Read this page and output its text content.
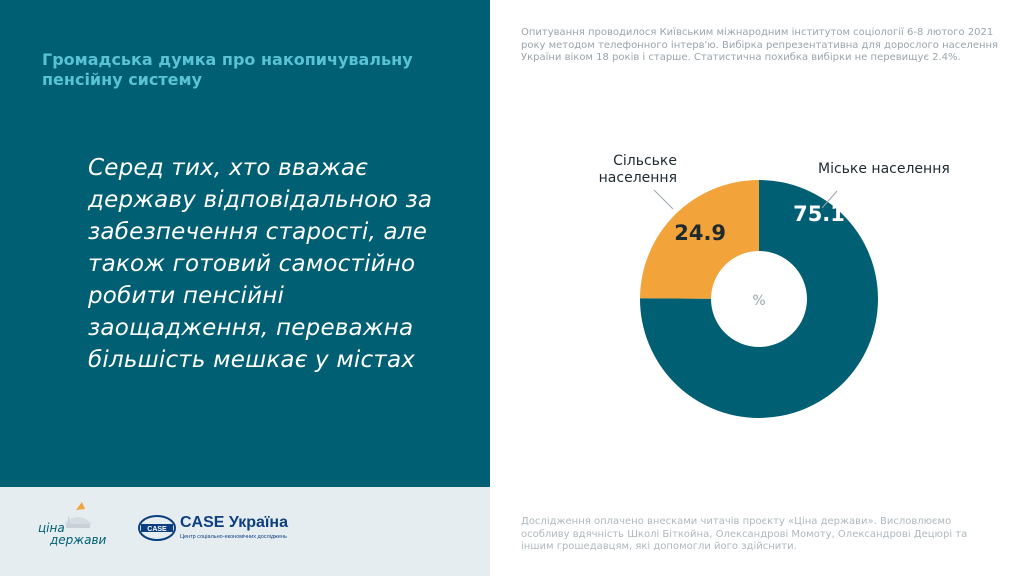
Громадська думка про накопичувальну пенсійну систему
Серед тих, хто вважає державу відповідальною за забезпечення старості, але також готовий самостійно робити пенсійні заощадження, переважна більшість мешкає у містах
ціна
держави
CASE CASE Україна
Центр соціально-економічних досліджень
Опитування проводилося Київським міжнародним інститутом соціології 6-8 лютого 2021 року методом телефонного інтерв'ю. Вибірка репрезентативна для дорослого населення України віком 18 років і старше. Статистична похибка вибірки не перевищує 2.4%.
Дослідження оплачено внесками читачів проєкту «Ціна держави». Висловлюємо особливу вдячність Школі Біткойна, Олександрові Момоту, Олександрові Децюрі та іншим грошедавцям, які допомогли його здійснити.
75.1
24.9
%
Міське населення
Сільське
населення
